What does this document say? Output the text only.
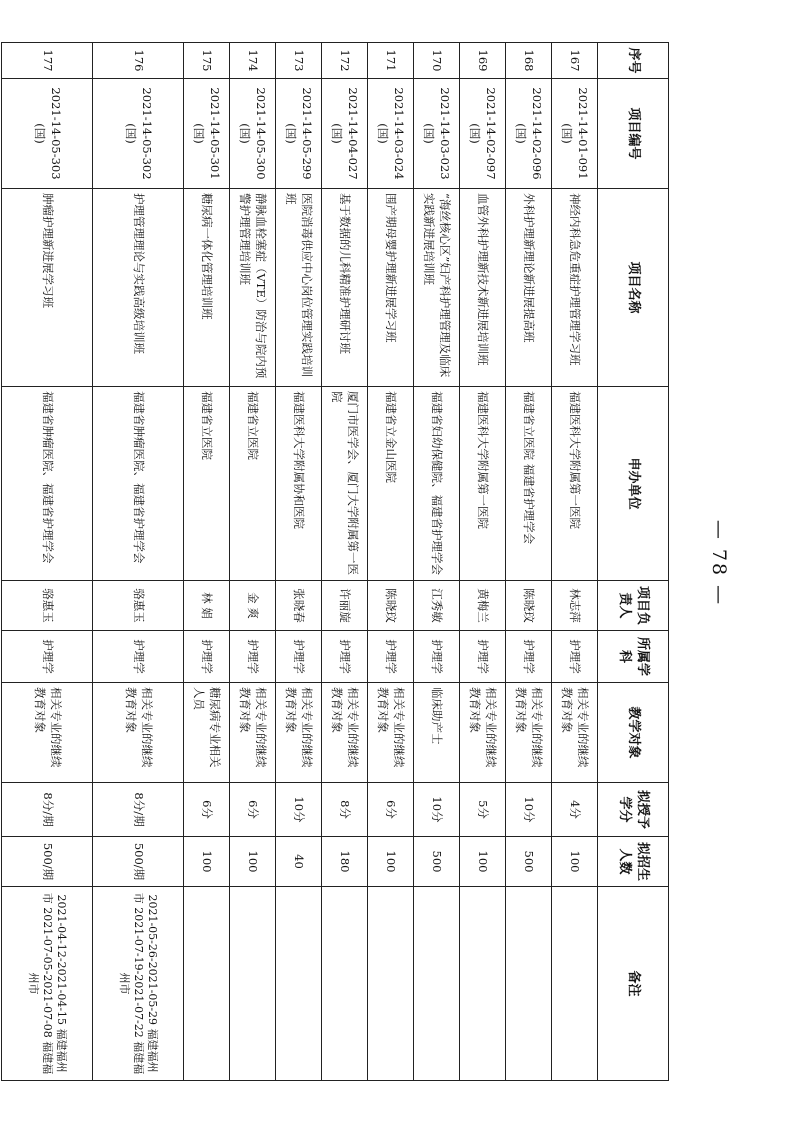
— 78 —
序号	项目编号	项目名称	申办单位	项目负责人	所属学科	教学对象	拟授予学分	拟招生人数	备注
167	2021-14-01-091(国)	神经内科急危重症护理管理学习班	福建医科大学附属第一医院	林志萍	护理学	相关专业的继续教育对象	4分	100	
168	2021-14-02-096(国)	外科护理新理论新进展提高班	福建省立医院 福建省护理学会	陈晓玟	护理学	相关专业的继续教育对象	10分	500	
169	2021-14-02-097(国)	血管外科护理新技术新进展培训班	福建医科大学附属第一医院	黄梅兰	护理学	相关专业的继续教育对象	5分	100	
170	2021-14-03-023(国)	“海丝核心区”妇产科护理管理及临床实践新进展培训班	福建省妇幼保健院、福建省护理学会	江秀敏	护理学	临床助产士	10分	500	
171	2021-14-03-024(国)	围产期母婴护理新进展学习班	福建省立金山医院	陈晓玟	护理学	相关专业的继续教育对象	6分	100	
172	2021-14-04-027(国)	基于数据的儿科精准护理研讨班	厦门市医学会、厦门大学附属第一医院	许丽旋	护理学	相关专业的继续教育对象	8分	180	
173	2021-14-05-299(国)	医院消毒供应中心岗位管理实践培训班	福建医科大学附属协和医院	张晓春	护理学	相关专业的继续教育对象	10分	40	
174	2021-14-05-300(国)	静脉血栓塞症（VTE）防治与院内预警护理管理培训班	福建省立医院	金 爽	护理学	相关专业的继续教育对象	6分	100	
175	2021-14-05-301(国)	糖尿病一体化管理培训班	福建省立医院	林 娟	护理学	糖尿病专业相关人员	6分	100	
176	2021-14-05-302(国)	护理管理理论与实践高级培训班	福建省肿瘤医院、福建省护理学会	骆惠玉	护理学	相关专业的继续教育对象	8分/期	500/期	2021-05-26-2021-05-29 福建福州市 2021-07-19-2021-07-22 福建福州市
177	2021-14-05-303(国)	肿瘤护理新进展学习班	福建省肿瘤医院、福建省护理学会	骆惠玉	护理学	相关专业的继续教育对象	8分/期	500/期	2021-04-12-2021-04-15 福建福州市 2021-07-05-2021-07-08 福建福州市
